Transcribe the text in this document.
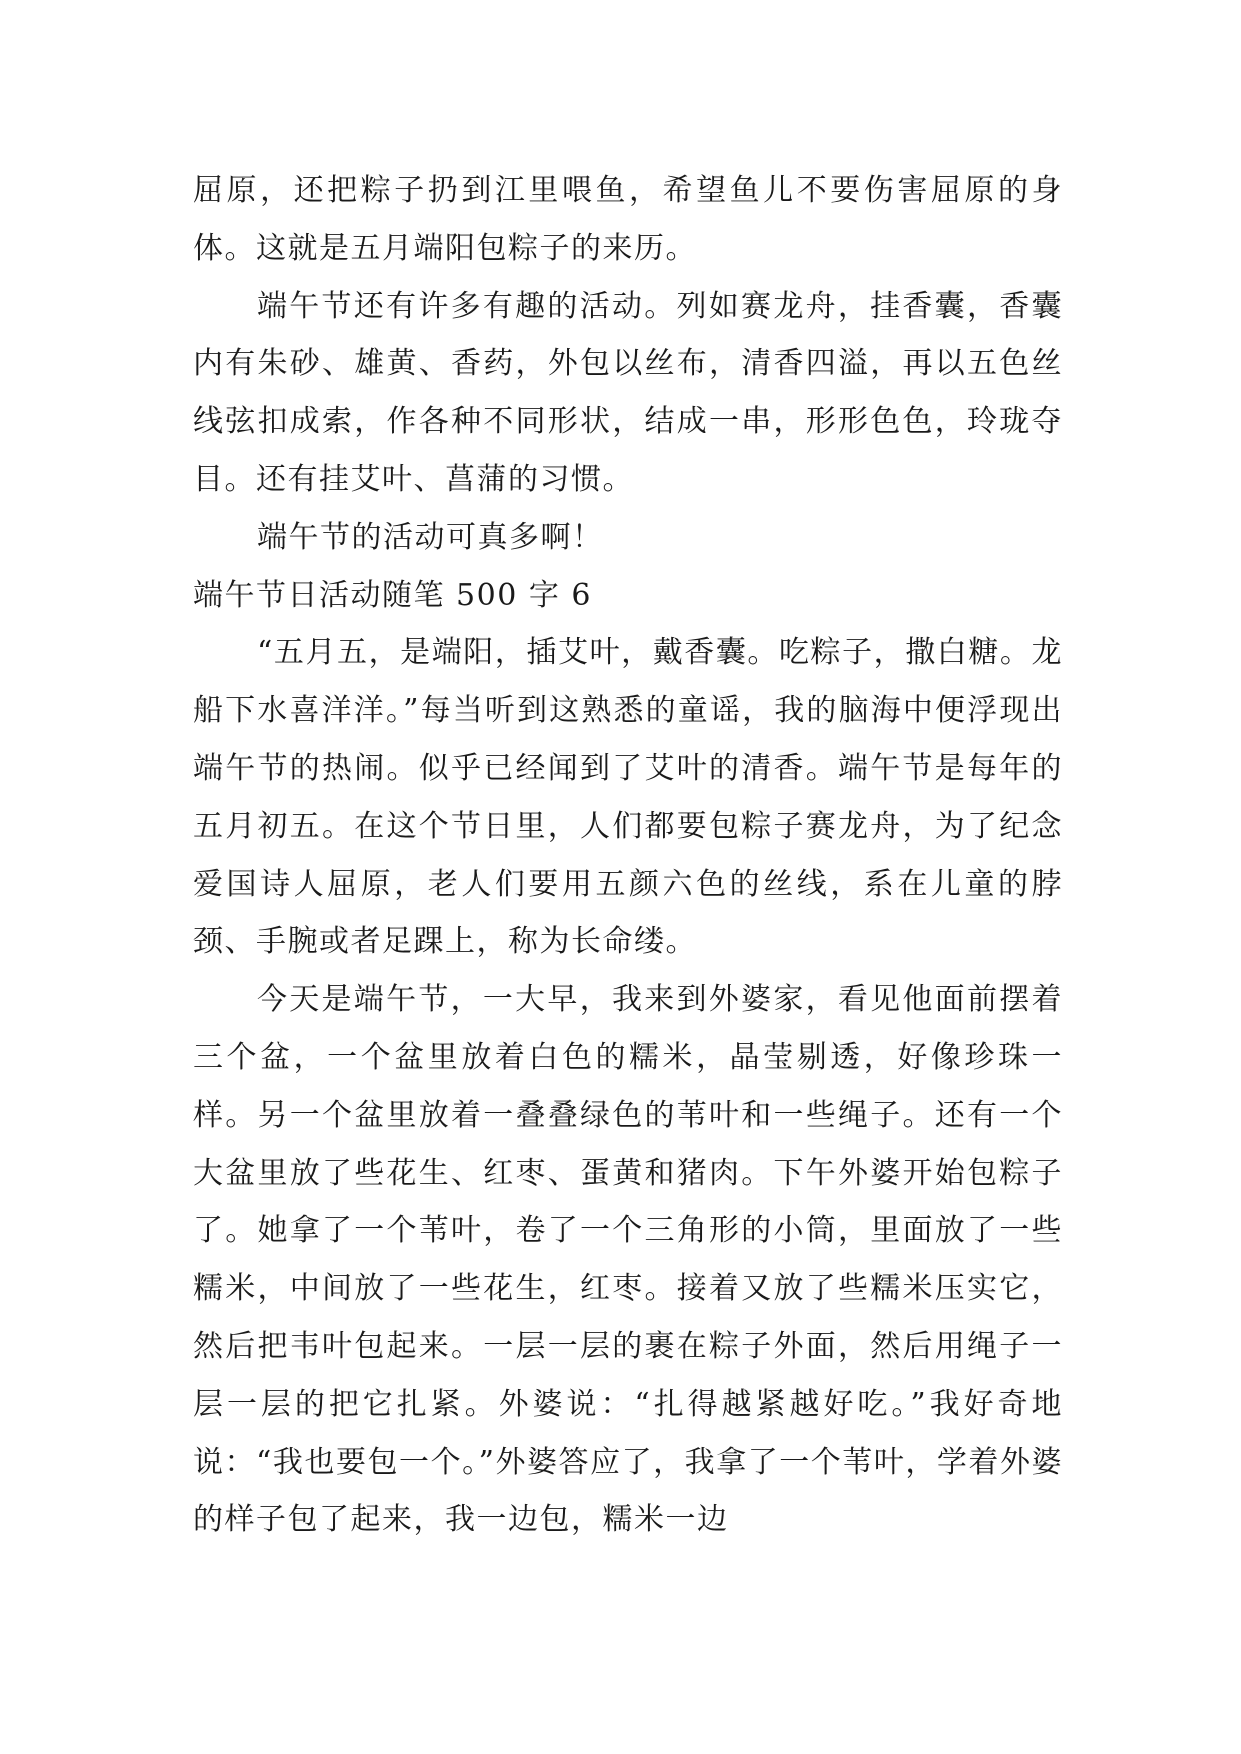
屈原，还把粽子扔到江里喂鱼，希望鱼儿不要伤害屈原的身体。这就是五月端阳包粽子的来历。

端午节还有许多有趣的活动。列如赛龙舟，挂香囊，香囊内有朱砂、雄黄、香药，外包以丝布，清香四溢，再以五色丝线弦扣成索，作各种不同形状，结成一串，形形色色，玲珑夺目。还有挂艾叶、菖蒲的习惯。

端午节的活动可真多啊！

端午节日活动随笔 500 字 6

“五月五，是端阳，插艾叶，戴香囊。吃粽子，撒白糖。龙船下水喜洋洋。”每当听到这熟悉的童谣，我的脑海中便浮现出端午节的热闹。似乎已经闻到了艾叶的清香。端午节是每年的五月初五。在这个节日里，人们都要包粽子赛龙舟，为了纪念爱国诗人屈原，老人们要用五颜六色的丝线，系在儿童的脖颈、手腕或者足踝上，称为长命缕。

今天是端午节，一大早，我来到外婆家，看见他面前摆着三个盆，一个盆里放着白色的糯米，晶莹剔透，好像珍珠一样。另一个盆里放着一叠叠绿色的苇叶和一些绳子。还有一个大盆里放了些花生、红枣、蛋黄和猪肉。下午外婆开始包粽子了。她拿了一个苇叶，卷了一个三角形的小筒，里面放了一些糯米，中间放了一些花生，红枣。接着又放了些糯米压实它，然后把韦叶包起来。一层一层的裹在粽子外面，然后用绳子一层一层的把它扎紧。外婆说：“扎得越紧越好吃。”我好奇地说：“我也要包一个。”外婆答应了，我拿了一个苇叶，学着外婆的样子包了起来，我一边包，糯米一边
